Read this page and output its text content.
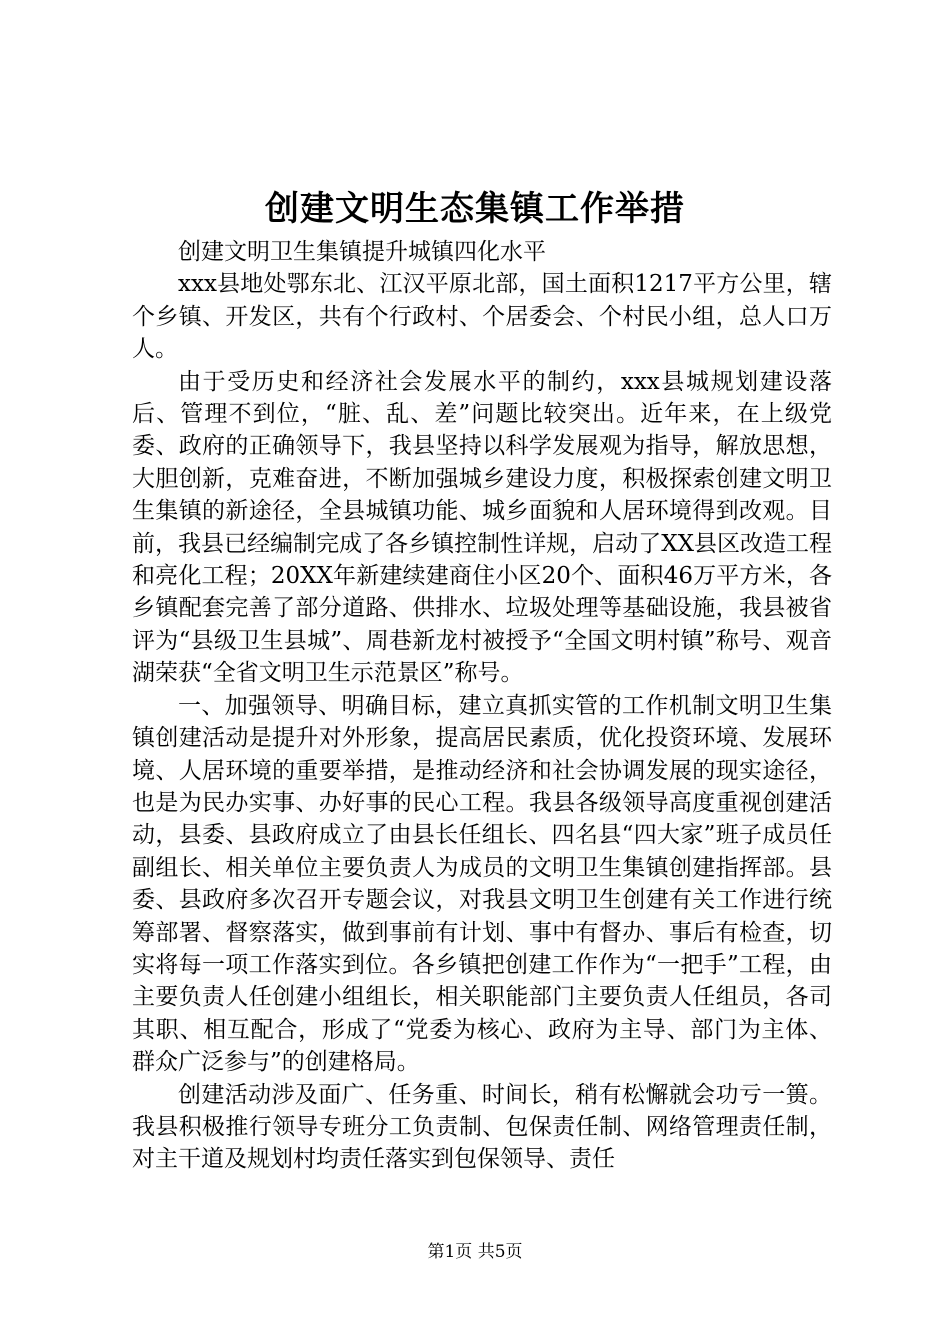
创建文明生态集镇工作举措

创建文明卫生集镇提升城镇四化水平

xxx县地处鄂东北、江汉平原北部，国土面积1217平方公里，辖个乡镇、开发区，共有个行政村、个居委会、个村民小组，总人口万人。

由于受历史和经济社会发展水平的制约，xxx县城规划建设落后、管理不到位，“脏、乱、差”问题比较突出。近年来，在上级党委、政府的正确领导下，我县坚持以科学发展观为指导，解放思想，大胆创新，克难奋进，不断加强城乡建设力度，积极探索创建文明卫生集镇的新途径，全县城镇功能、城乡面貌和人居环境得到改观。目前，我县已经编制完成了各乡镇控制性详规，启动了XX县区改造工程和亮化工程；20XX年新建续建商住小区20个、面积46万平方米，各乡镇配套完善了部分道路、供排水、垃圾处理等基础设施，我县被省评为“县级卫生县城”、周巷新龙村被授予“全国文明村镇”称号、观音湖荣获“全省文明卫生示范景区”称号。

一、加强领导、明确目标，建立真抓实管的工作机制文明卫生集镇创建活动是提升对外形象，提高居民素质，优化投资环境、发展环境、人居环境的重要举措，是推动经济和社会协调发展的现实途径，也是为民办实事、办好事的民心工程。我县各级领导高度重视创建活动，县委、县政府成立了由县长任组长、四名县“四大家”班子成员任副组长、相关单位主要负责人为成员的文明卫生集镇创建指挥部。县委、县政府多次召开专题会议，对我县文明卫生创建有关工作进行统筹部署、督察落实，做到事前有计划、事中有督办、事后有检查，切实将每一项工作落实到位。各乡镇把创建工作作为“一把手”工程，由主要负责人任创建小组组长，相关职能部门主要负责人任组员，各司其职、相互配合，形成了“党委为核心、政府为主导、部门为主体、群众广泛参与”的创建格局。

创建活动涉及面广、任务重、时间长，稍有松懈就会功亏一篑。我县积极推行领导专班分工负责制、包保责任制、网络管理责任制，对主干道及规划村均责任落实到包保领导、责任

第1页 共5页
